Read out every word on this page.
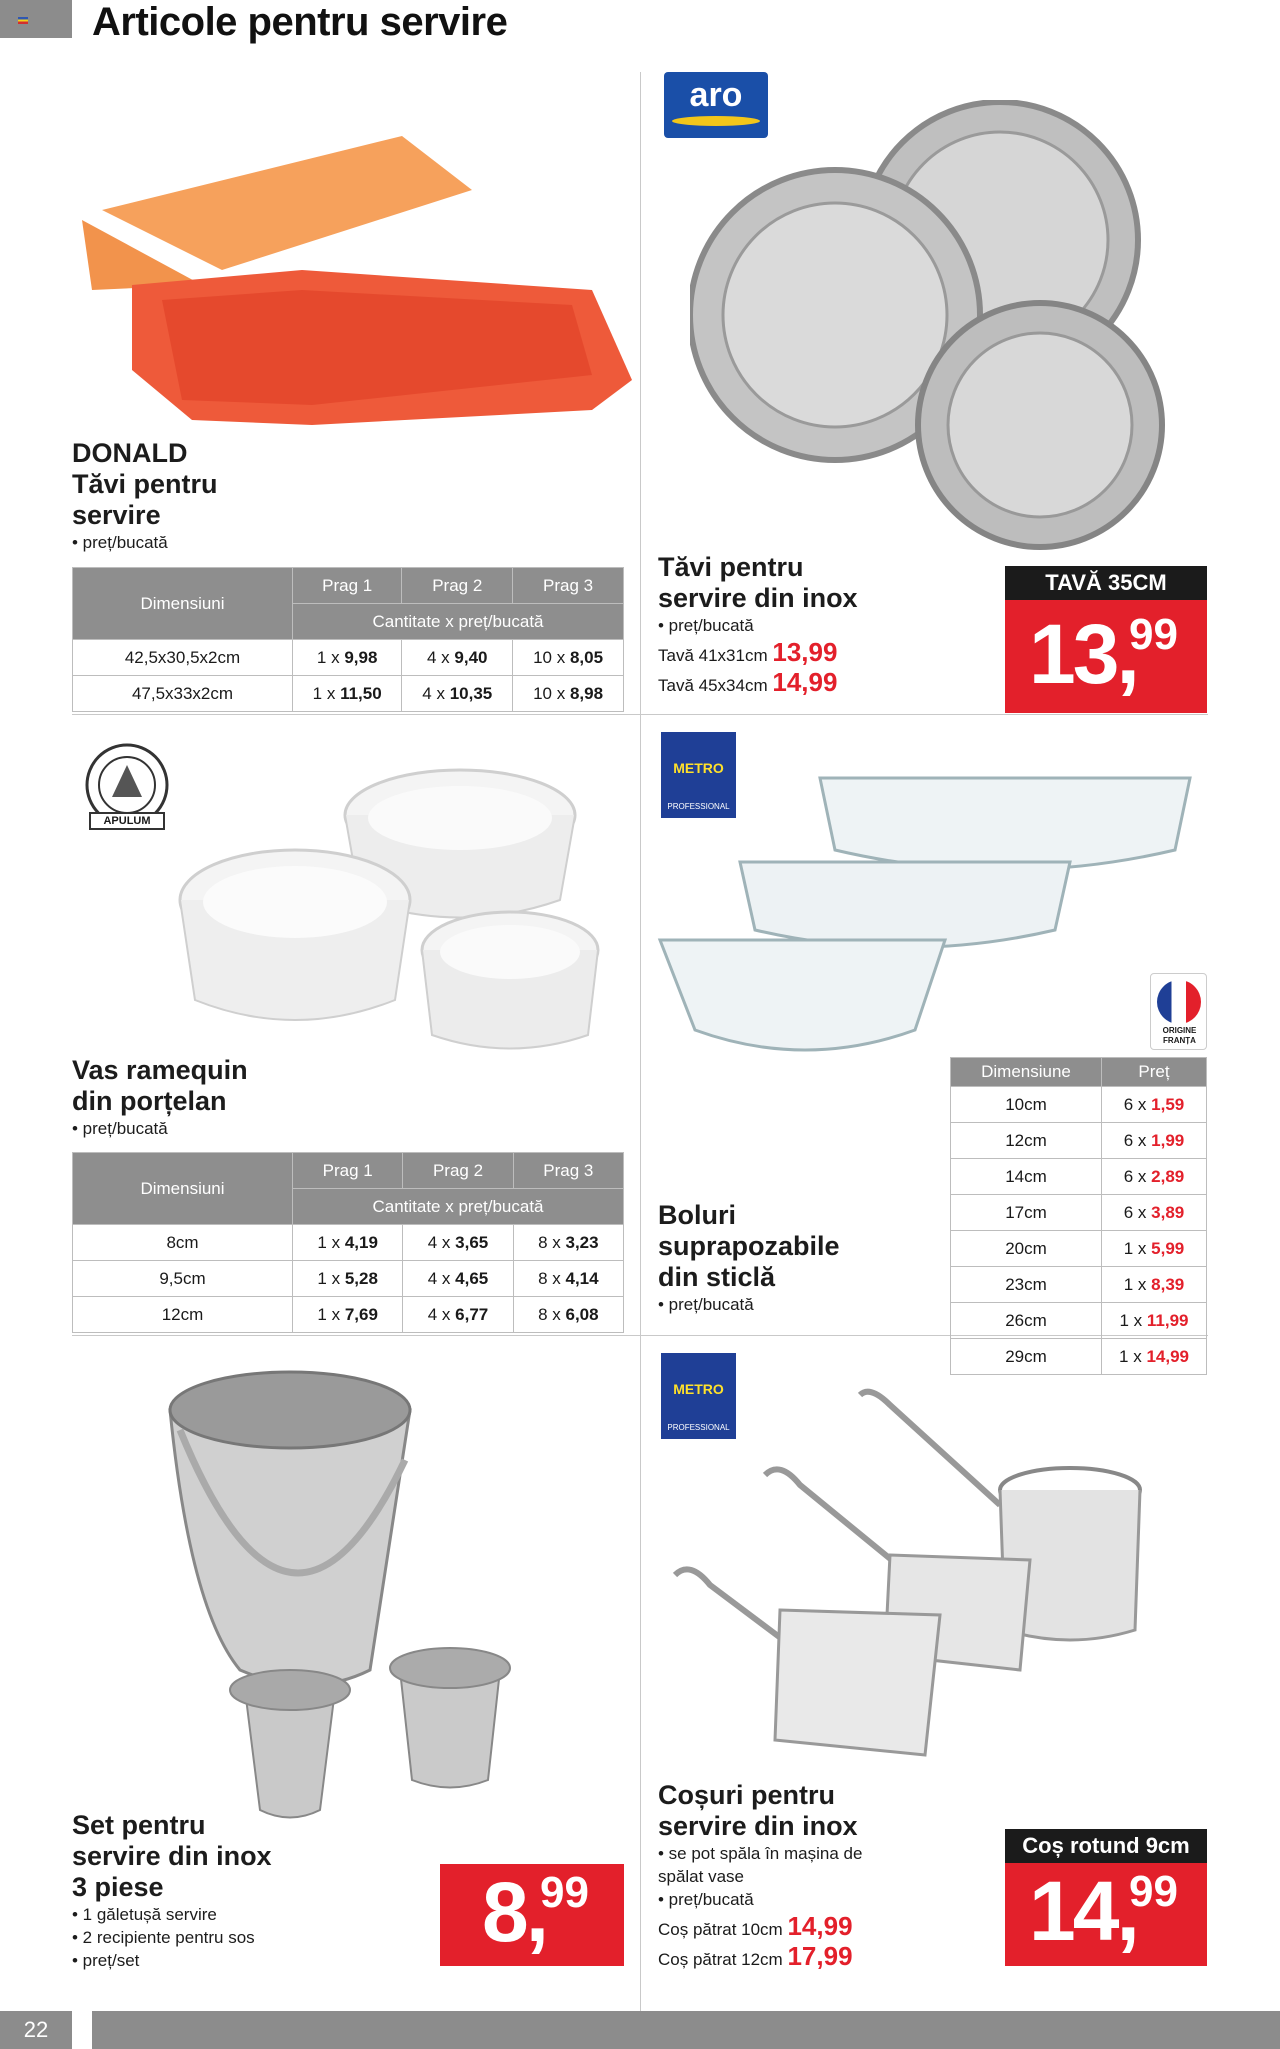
Articole pentru servire
DONALD
Tăvi pentru
servire
• preț/bucată
Dimensiuni	Prag 1	Prag 2	Prag 3
	Cantitate x preț/bucată		
42,5x30,5x2cm	1 x 9,98	4 x 9,40	10 x 8,05
47,5x33x2cm	1 x 11,50	4 x 10,35	10 x 8,98
aro
Tăvi pentru
servire din inox
• preț/bucată
Tavă 41x31cm 13,99
Tavă 45x34cm 14,99
TAVĂ 35CM
13,
99
APULUM
Vas ramequin
din porțelan
• preț/bucată
Dimensiuni	Prag 1	Prag 2	Prag 3
	Cantitate x preț/bucată		
8cm	1 x 4,19	4 x 3,65	8 x 3,23
9,5cm	1 x 5,28	4 x 4,65	8 x 4,14
12cm	1 x 7,69	4 x 6,77	8 x 6,08
METRO
PROFESSIONAL
ORIGINE
FRANȚA
Boluri
suprapozabile
din sticlă
• preț/bucată
Dimensiune	Preț
10cm	6 x 1,59
12cm	6 x 1,99
14cm	6 x 2,89
17cm	6 x 3,89
20cm	1 x 5,99
23cm	1 x 8,39
26cm	1 x 11,99
29cm	1 x 14,99
Set pentru
servire din inox
3 piese
• 1 găletușă servire
• 2 recipiente pentru sos
• preț/set
8,
99
METRO
PROFESSIONAL
Coșuri pentru
servire din inox
• se pot spăla în mașina de
spălat vase
• preț/bucată
Coș pătrat 10cm 14,99
Coș pătrat 12cm 17,99
Coș rotund 9cm
14,
99
22
